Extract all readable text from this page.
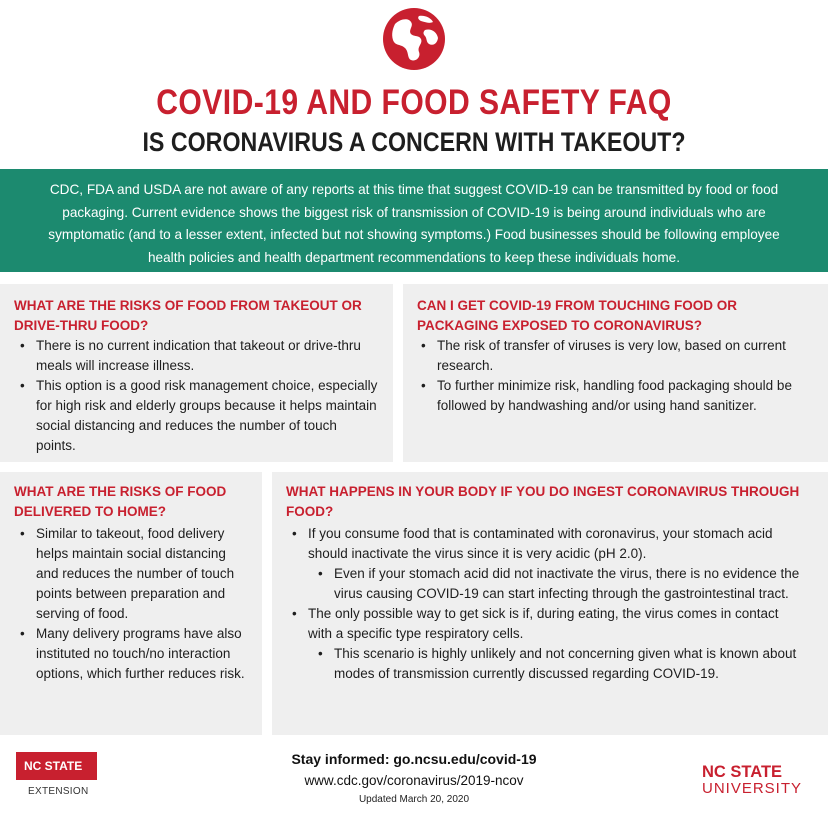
COVID-19 AND FOOD SAFETY FAQ
IS CORONAVIRUS A CONCERN WITH TAKEOUT?
CDC, FDA and USDA are not aware of any reports at this time that suggest COVID-19 can be transmitted by food or food
packaging. Current evidence shows the biggest risk of transmission of COVID-19 is being around individuals who are
symptomatic (and to a lesser extent, infected but not showing symptoms.) Food businesses should be following employee
health policies and health department recommendations to keep these individuals home.
WHAT ARE THE RISKS OF FOOD FROM TAKEOUT OR
DRIVE-THRU FOOD?
• There is no current indication that takeout or drive-thru meals will increase illness.
• This option is a good risk management choice, especially for high risk and elderly groups because it helps maintain social distancing and reduces the number of touch points.
CAN I GET COVID-19 FROM TOUCHING FOOD OR
PACKAGING EXPOSED TO CORONAVIRUS?
• The risk of transfer of viruses is very low, based on current research.
• To further minimize risk, handling food packaging should be followed by handwashing and/or using hand sanitizer.
WHAT ARE THE RISKS OF FOOD
DELIVERED TO HOME?
• Similar to takeout, food delivery helps maintain social distancing and reduces the number of touch points between preparation and serving of food.
• Many delivery programs have also instituted no touch/no interaction options, which further reduces risk.
WHAT HAPPENS IN YOUR BODY IF YOU DO INGEST CORONAVIRUS THROUGH
FOOD?
• If you consume food that is contaminated with coronavirus, your stomach acid should inactivate the virus since it is very acidic (pH 2.0).
• Even if your stomach acid did not inactivate the virus, there is no evidence the virus causing COVID-19 can start infecting through the gastrointestinal tract.
• The only possible way to get sick is if, during eating, the virus comes in contact with a specific type respiratory cells.
• This scenario is highly unlikely and not concerning given what is known about modes of transmission currently discussed regarding COVID-19.
NC STATE
EXTENSION
Stay informed: go.ncsu.edu/covid-19
www.cdc.gov/coronavirus/2019-ncov
Updated March 20, 2020
NC STATE
UNIVERSITY
